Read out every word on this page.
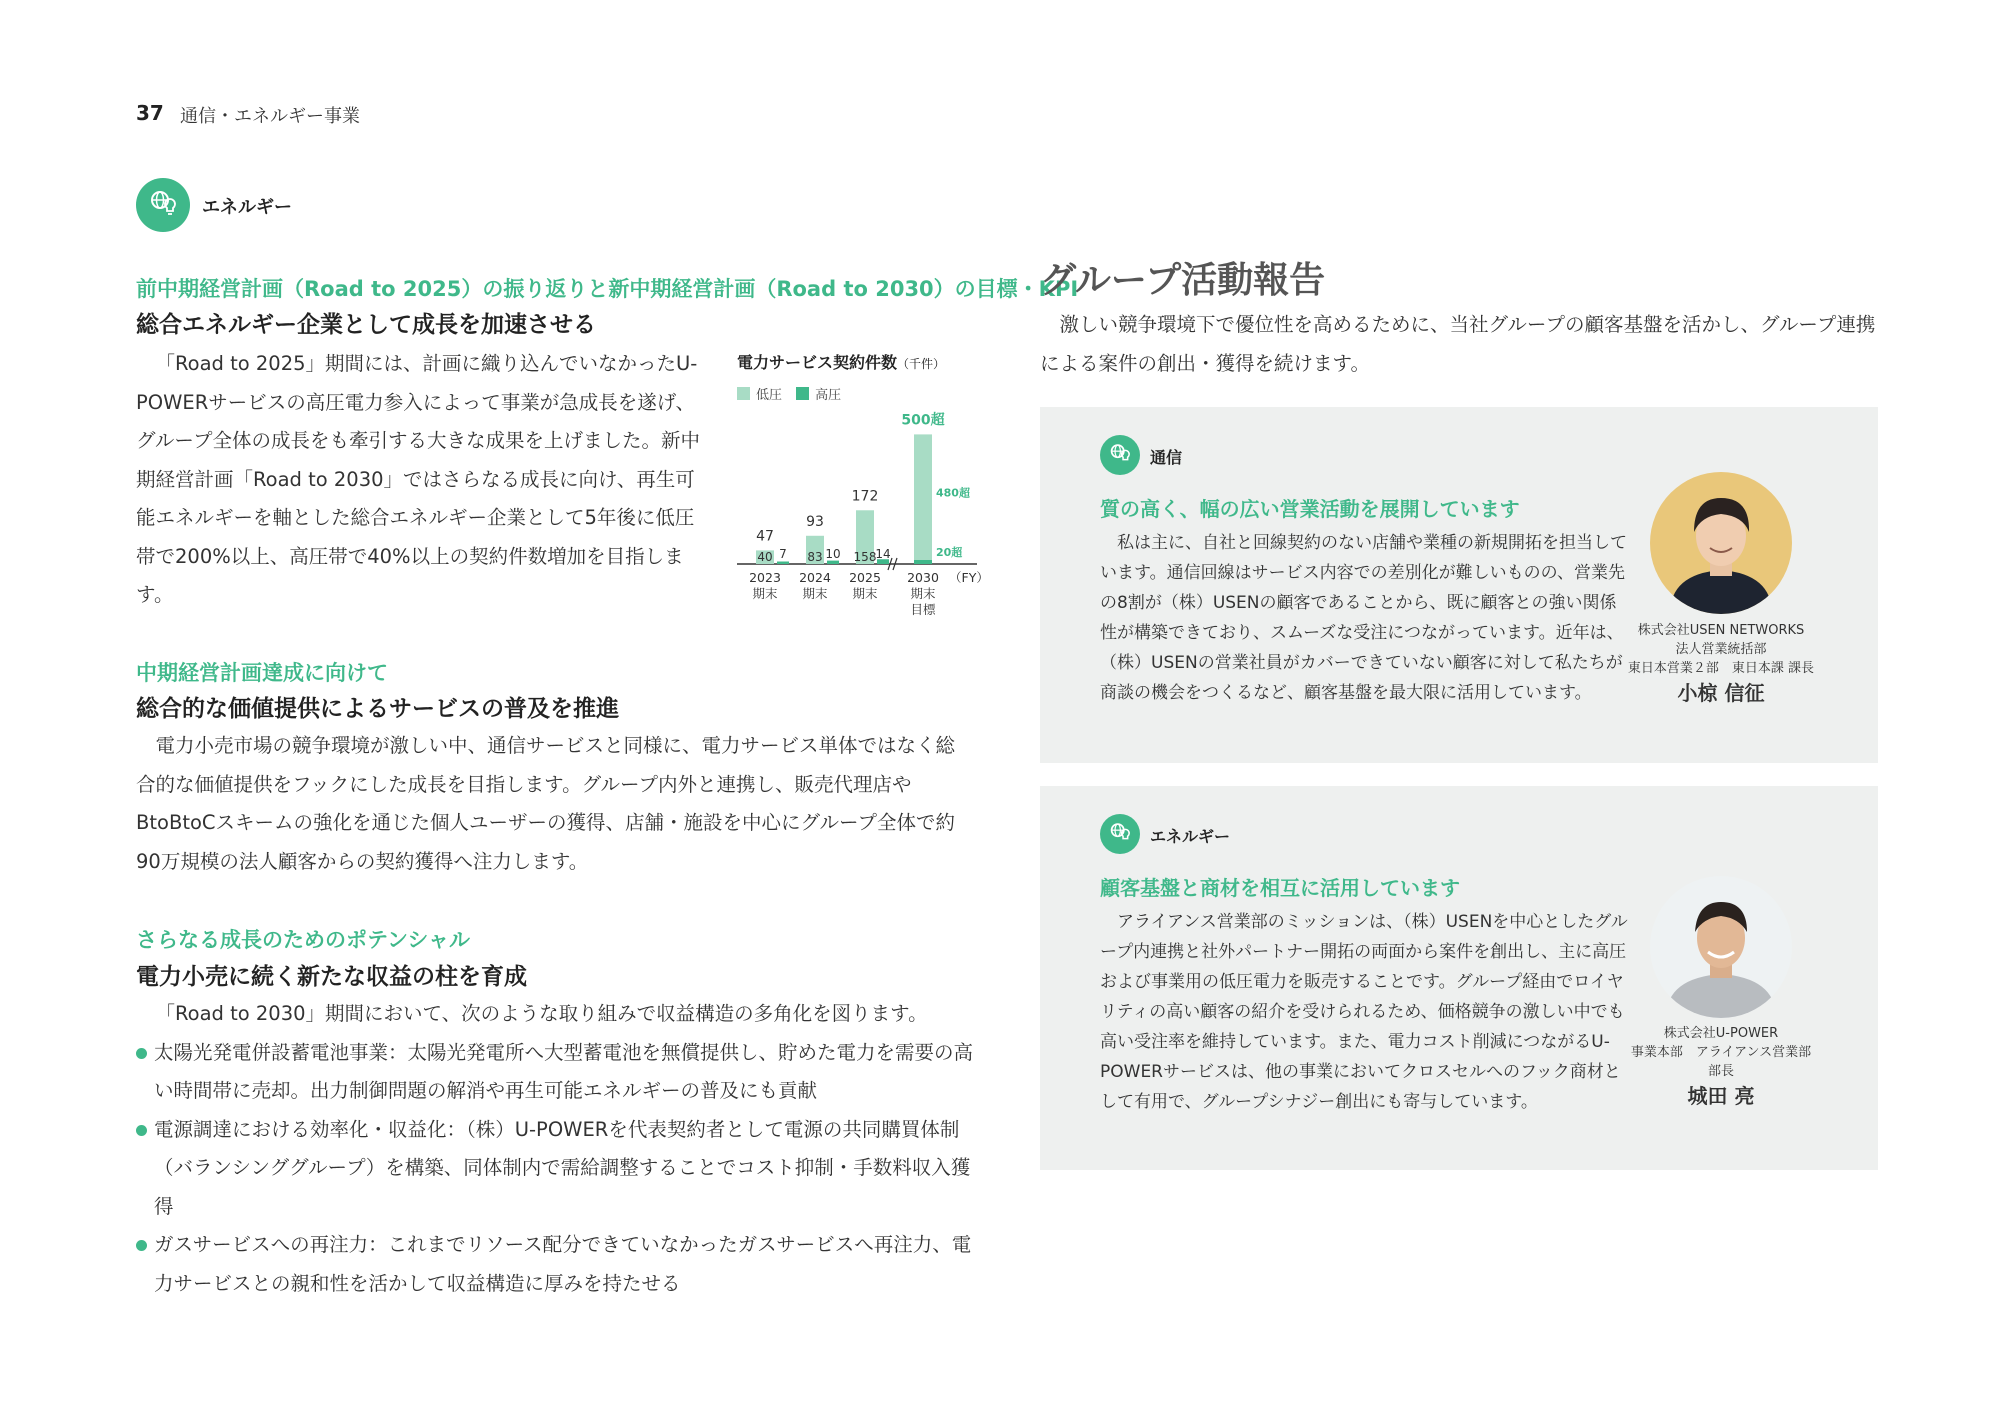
37 通信・エネルギー事業
エネルギー
前中期経営計画（Road to 2025）の振り返りと新中期経営計画（Road to 2030）の目標・KPI
総合エネルギー企業として成長を加速させる

「Road to 2025」期間には、計画に織り込んでいなかったU-POWERサービスの高圧電力参入によって事業が急成長を遂げ、グループ全体の成長をも牽引する大きな成果を上げました。新中期経営計画「Road to 2030」ではさらなる成長に向け、再生可能エネルギーを軸とした総合エネルギー企業として5年後に低圧帯で200%以上、高圧帯で40%以上の契約件数増加を目指します。

電力サービス契約件数（千件）
低圧	高圧
40 7
47
2023
期末
83 10
93
2024
期末
158
14
172
2025
期末
480超
20超
500超
2030
期末
目標
（FY）
中期経営計画達成に向けて
総合的な価値提供によるサービスの普及を推進

電力小売市場の競争環境が激しい中、通信サービスと同様に、電力サービス単体ではなく総合的な価値提供をフックにした成長を目指します。グループ内外と連携し、販売代理店やBtoBtoCスキームの強化を通じた個人ユーザーの獲得、店舗・施設を中心にグループ全体で約90万規模の法人顧客からの契約獲得へ注力します。

さらなる成長のためのポテンシャル
電力小売に続く新たな収益の柱を育成

「Road to 2030」期間において、次のような取り組みで収益構造の多角化を図ります。

太陽光発電併設蓄電池事業：太陽光発電所へ大型蓄電池を無償提供し、貯めた電力を需要の高い時間帯に売却。出力制御問題の解消や再生可能エネルギーの普及にも貢献
電源調達における効率化・収益化：（株）U-POWERを代表契約者として電源の共同購買体制（バランシンググループ）を構築、同体制内で需給調整することでコスト抑制・手数料収入獲得
ガスサービスへの再注力：これまでリソース配分できていなかったガスサービスへ再注力、電力サービスとの親和性を活かして収益構造に厚みを持たせる
グループ活動報告

激しい競争環境下で優位性を高めるために、当社グループの顧客基盤を活かし、グループ連携による案件の創出・獲得を続けます。

通信
質の高く、幅の広い営業活動を展開しています

私は主に、自社と回線契約のない店舗や業種の新規開拓を担当しています。通信回線はサービス内容での差別化が難しいものの、営業先の8割が（株）USENの顧客であることから、既に顧客との強い関係性が構築できており、スムーズな受注につながっています。近年は、（株）USENの営業社員がカバーできていない顧客に対して私たちが商談の機会をつくるなど、顧客基盤を最大限に活用しています。

株式会社USEN NETWORKS
法人営業統括部
東日本営業２部　東日本課 課長
小椋 信征
エネルギー
顧客基盤と商材を相互に活用しています

アライアンス営業部のミッションは、（株）USENを中心としたグループ内連携と社外パートナー開拓の両面から案件を創出し、主に高圧および事業用の低圧電力を販売することです。グループ経由でロイヤリティの高い顧客の紹介を受けられるため、価格競争の激しい中でも高い受注率を維持しています。また、電力コスト削減につながるU-POWERサービスは、他の事業においてクロスセルへのフック商材として有用で、グループシナジー創出にも寄与しています。

株式会社U-POWER
事業本部　アライアンス営業部
部長
城田 亮
